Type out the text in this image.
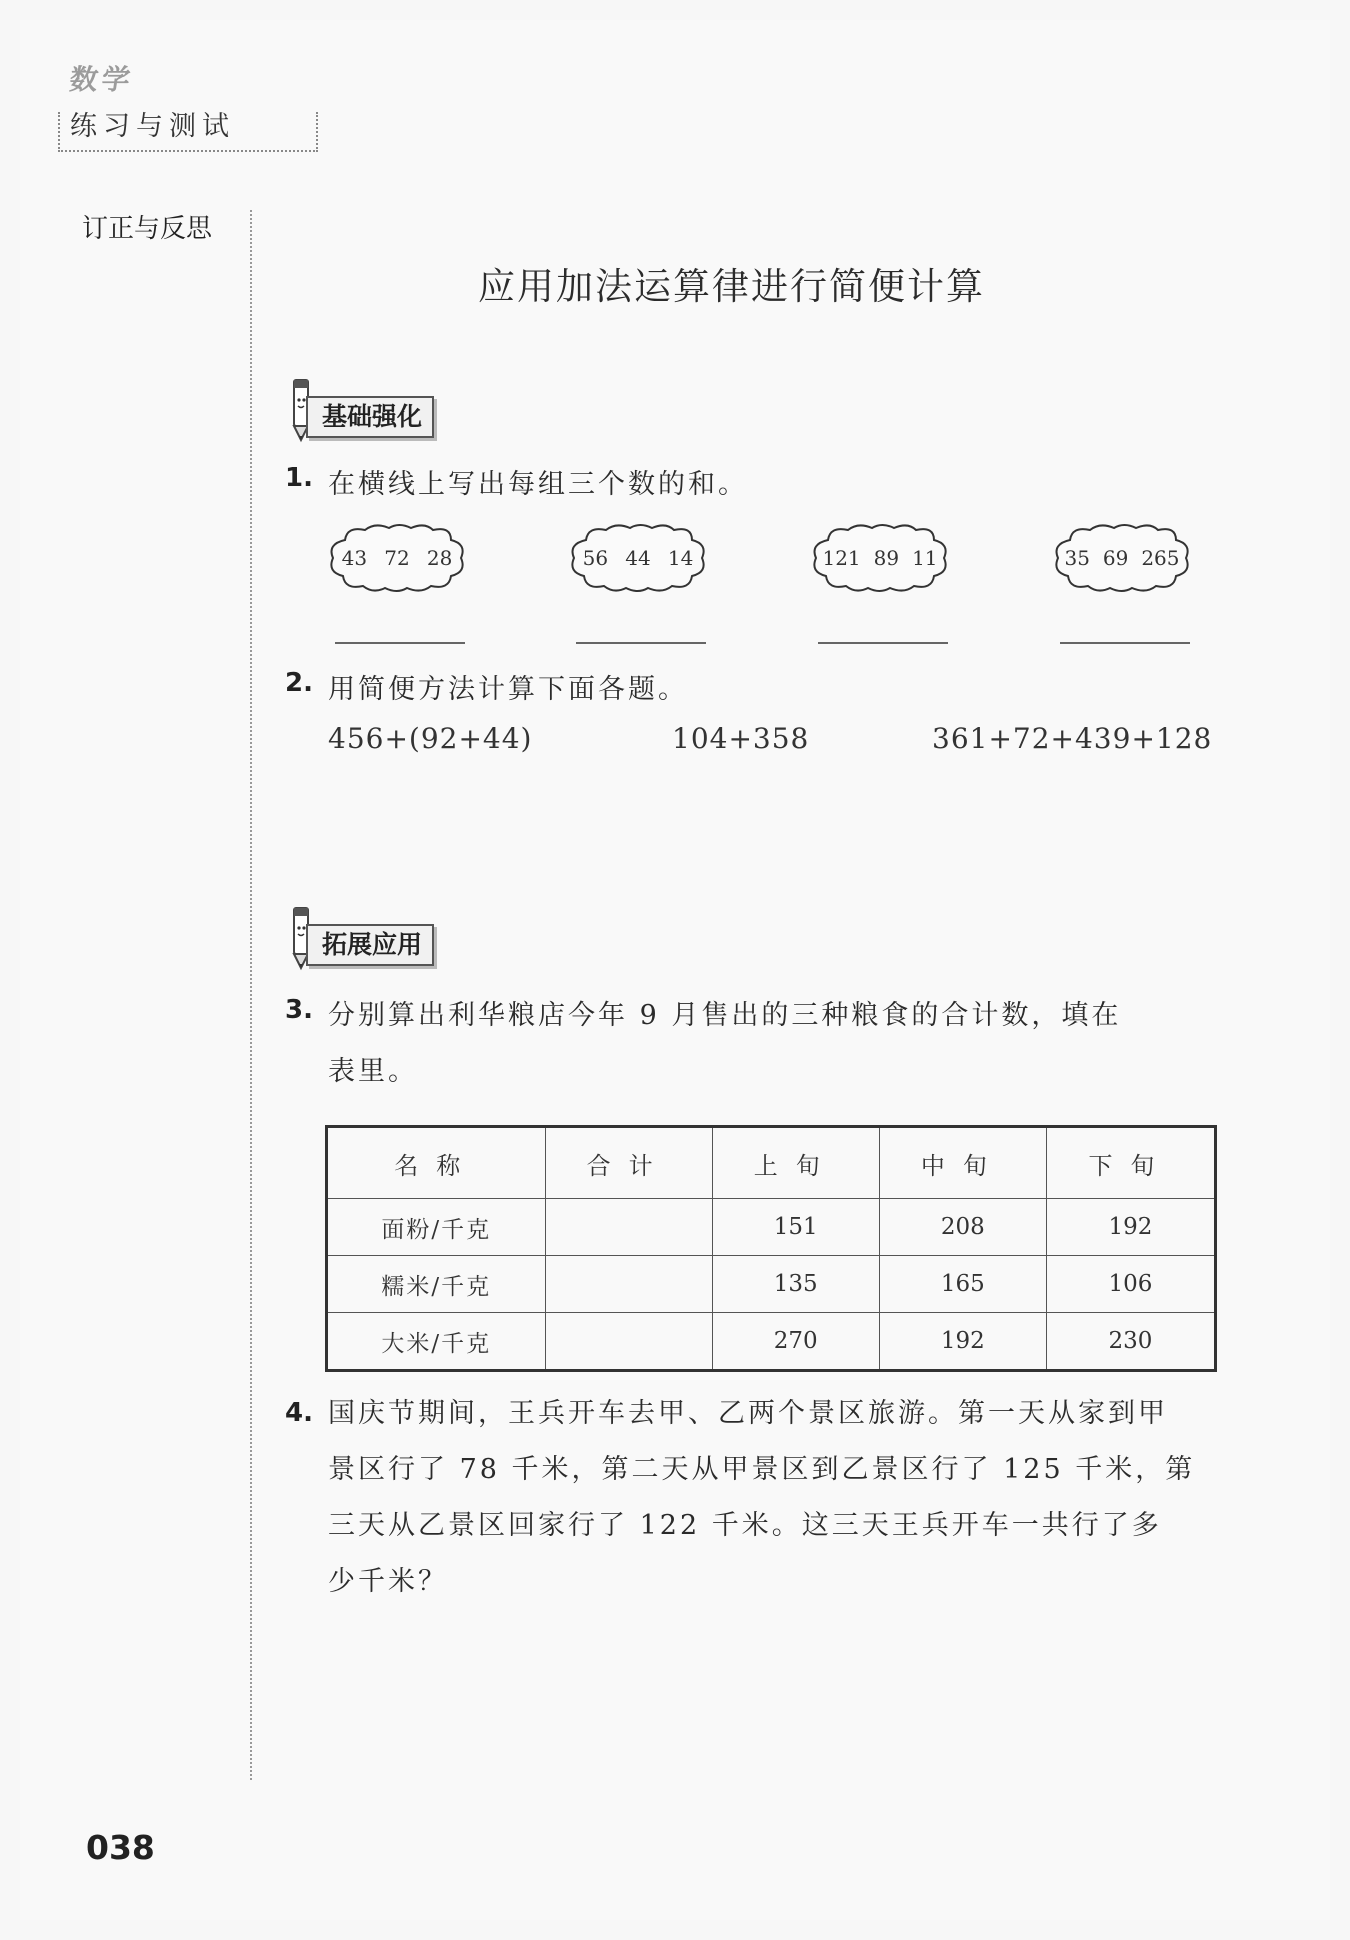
数学
练习与测试
订正与反思
038
应用加法运算律进行简便计算
基础强化
1. 在横线上写出每组三个数的和。
43 72 28	56 44 14	121 89 11	35 69 265
2. 用简便方法计算下面各题。
456+(92+44)	104+358	361+72+439+128
拓展应用
3. 分别算出利华粮店今年 9 月售出的三种粮食的合计数，填在
表里。
名称	合计	上旬	中旬	下旬
面粉/千克		151	208	192
糯米/千克		135	165	106
大米/千克		270	192	230
4. 国庆节期间，王兵开车去甲、乙两个景区旅游。第一天从家到甲
景区行了 78 千米，第二天从甲景区到乙景区行了 125 千米，第
三天从乙景区回家行了 122 千米。这三天王兵开车一共行了多
少千米？
